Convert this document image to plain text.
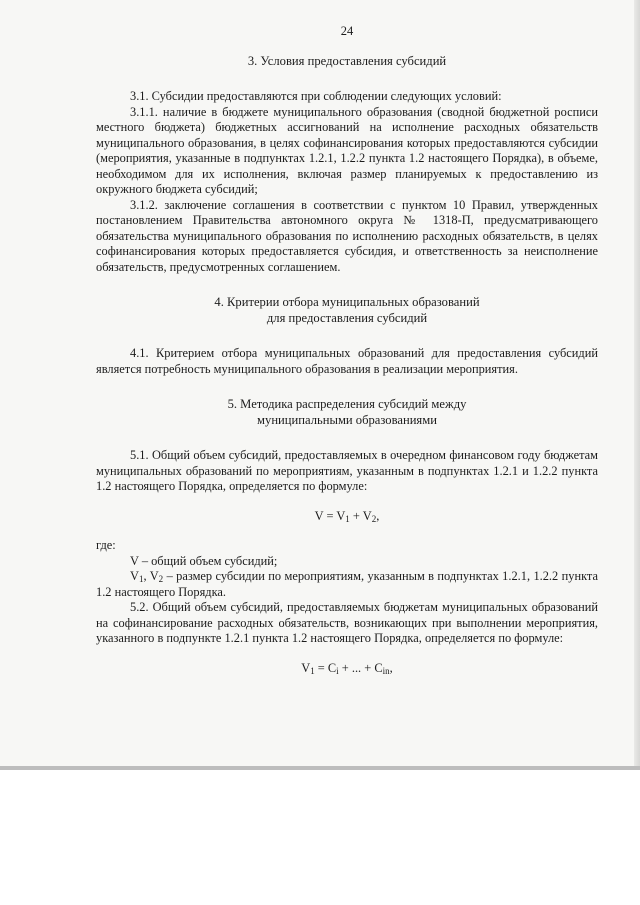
24
3. Условия предоставления субсидий

3.1. Субсидии предоставляются при соблюдении следующих условий:

3.1.1. наличие в бюджете муниципального образования (сводной бюджетной росписи местного бюджета) бюджетных ассигнований на исполнение расходных обязательств муниципального образования, в целях софинансирования которых предоставляются субсидии (мероприятия, указанные в подпунктах 1.2.1, 1.2.2 пункта 1.2 настоящего Порядка), в объеме, необходимом для их исполнения, включая размер планируемых к предоставлению из окружного бюджета субсидий;

3.1.2. заключение соглашения в соответствии с пунктом 10 Правил, утвержденных постановлением Правительства автономного округа № 1318-П, предусматривающего обязательства муниципального образования по исполнению расходных обязательств, в целях софинансирования которых предоставляется субсидия, и ответственность за неисполнение обязательств, предусмотренных соглашением.

4. Критерии отбора муниципальных образований
для предоставления субсидий

4.1. Критерием отбора муниципальных образований для предоставления субсидий является потребность муниципального образования в реализации мероприятия.

5. Методика распределения субсидий между
муниципальными образованиями

5.1. Общий объем субсидий, предоставляемых в очередном финансовом году бюджетам муниципальных образований по мероприятиям, указанным в подпунктах 1.2.1 и 1.2.2 пункта 1.2 настоящего Порядка, определяется по формуле:

$V = V_1 + V_2$,

где:

V – общий объем субсидий;

$V_1$, $V_2$ – размер субсидии по мероприятиям, указанным в подпунктах 1.2.1, 1.2.2 пункта 1.2 настоящего Порядка.

5.2. Общий объем субсидий, предоставляемых бюджетам муниципальных образований на софинансирование расходных обязательств, возникающих при выполнении мероприятия, указанного в подпункте 1.2.1 пункта 1.2 настоящего Порядка, определяется по формуле:

$V_1 = C_i$ + ... + $C_{in}$,
